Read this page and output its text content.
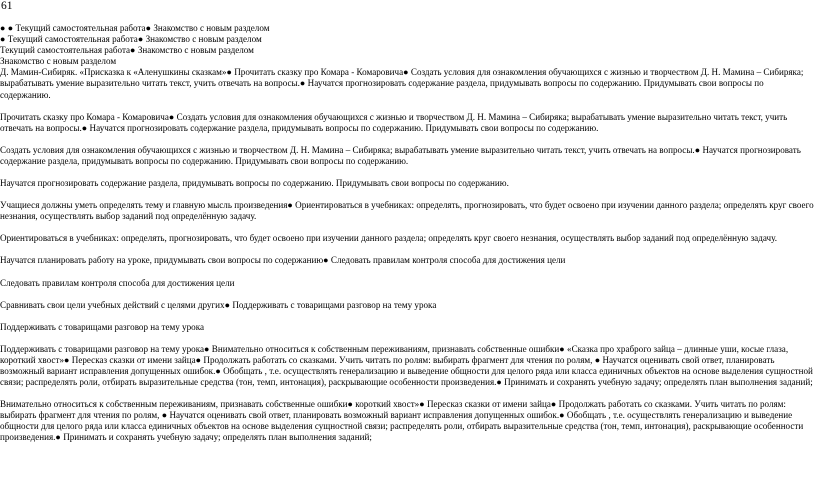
61

● ● Текущий самостоятельная работа● Знакомство с новым разделом

● Текущий самостоятельная работа● Знакомство с новым разделом

Текущий самостоятельная работа● Знакомство с новым разделом

Знакомство с новым разделом

Д. Мамин-Сибиряк. «Присказка к «Аленушкины сказкам»● Прочитать сказку про Комара - Комаровича● Создать условия для ознакомления обучающихся с жизнью и творчеством Д. Н. Мамина – Сибиряка; вырабатывать умение выразительно читать текст, учить отвечать на вопросы.● Научатся прогнозировать содержание раздела, придумывать вопросы по содержанию. Придумывать свои вопросы по содержанию.

Прочитать сказку про Комара - Комаровича● Создать условия для ознакомления обучающихся с жизнью и творчеством Д. Н. Мамина – Сибиряка; вырабатывать умение выразительно читать текст, учить отвечать на вопросы.● Научатся прогнозировать содержание раздела, придумывать вопросы по содержанию. Придумывать свои вопросы по содержанию.

Создать условия для ознакомления обучающихся с жизнью и творчеством Д. Н. Мамина – Сибиряка; вырабатывать умение выразительно читать текст, учить отвечать на вопросы.● Научатся прогнозировать содержание раздела, придумывать вопросы по содержанию. Придумывать свои вопросы по содержанию.

Научатся прогнозировать содержание раздела, придумывать вопросы по содержанию. Придумывать свои вопросы по содержанию.

Учащиеся должны уметь определять тему и главную мысль произведения● Ориентироваться в учебниках: определять, прогнозировать, что будет освоено при изучении данного раздела; определять круг своего незнания, осуществлять выбор заданий под определённую задачу.

Ориентироваться в учебниках: определять, прогнозировать, что будет освоено при изучении данного раздела; определять круг своего незнания, осуществлять выбор заданий под определённую задачу.

Научатся планировать работу на уроке, придумывать свои вопросы по содержанию● Следовать правилам контроля способа для достижения цели

Следовать правилам контроля способа для достижения цели

Сравнивать свои цели учебных действий с целями других● Поддерживать с товарищами разговор на тему урока

Поддерживать с товарищами разговор на тему урока

Поддерживать с товарищами разговор на тему урока● Внимательно относиться к собственным переживаниям, признавать собственные ошибки● «Сказка про храброго зайца – длинные уши, косые глаза, короткий хвост»● Пересказ сказки от имени зайца● Продолжать работать со сказками. Учить читать по ролям: выбирать фрагмент для чтения по ролям, ● Научатся оценивать свой ответ, планировать возможный вариант исправления допущенных ошибок.● Обобщать , т.е. осуществлять генерализацию и выведение общности для целого ряда или класса единичных объектов на основе выделения сущностной связи; распределять роли, отбирать выразительные средства (тон, темп, интонация), раскрывающие особенности произведения.● Принимать и сохранять учебную задачу; определять план выполнения заданий;

Внимательно относиться к собственным переживаниям, признавать собственные ошибки● короткий хвост»● Пересказ сказки от имени зайца● Продолжать работать со сказками. Учить читать по ролям: выбирать фрагмент для чтения по ролям, ● Научатся оценивать свой ответ, планировать возможный вариант исправления допущенных ошибок.● Обобщать , т.е. осуществлять генерализацию и выведение общности для целого ряда или класса единичных объектов на основе выделения сущностной связи; распределять роли, отбирать выразительные средства (тон, темп, интонация), раскрывающие особенности произведения.● Принимать и сохранять учебную задачу; определять план выполнения заданий;
